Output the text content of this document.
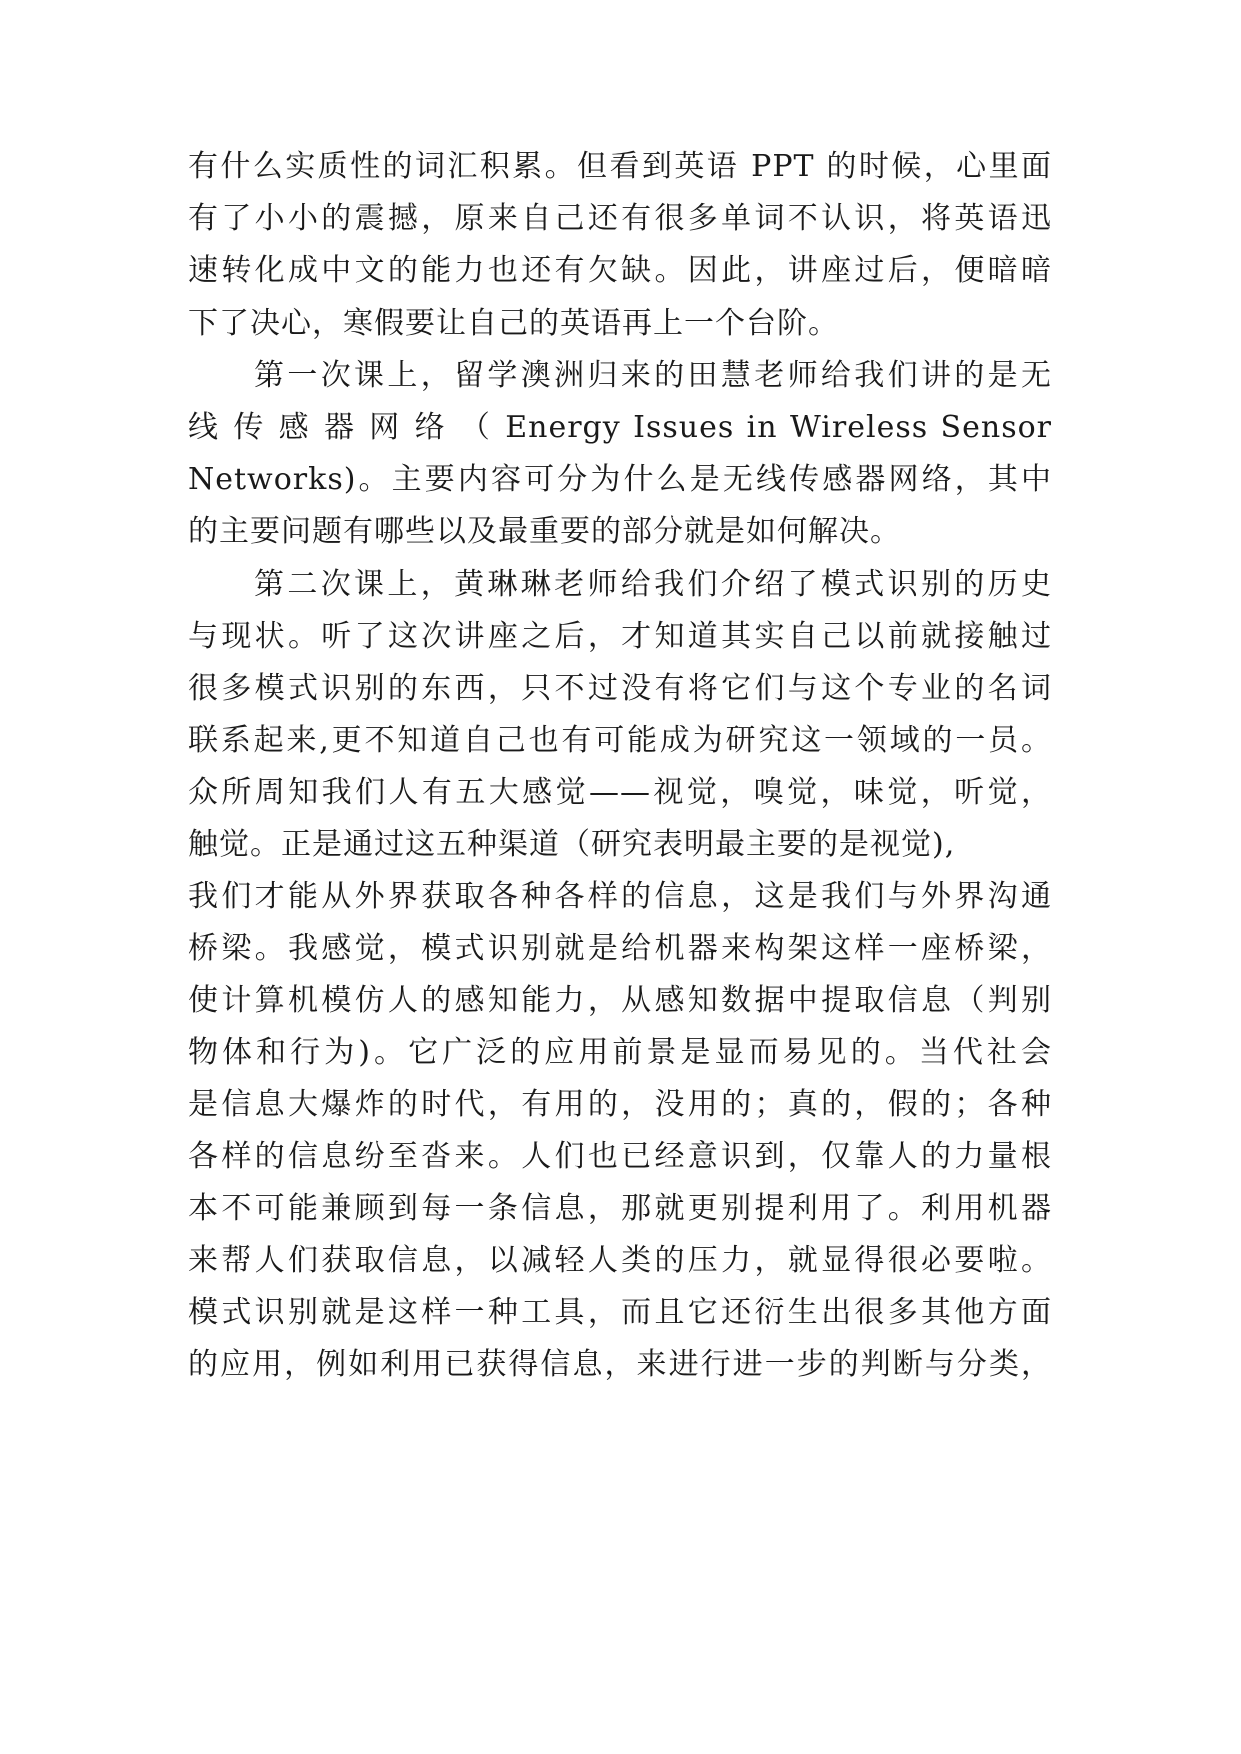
有什么实质性的词汇积累。但看到英语 PPT 的时候，心里面
有了小小的震撼，原来自己还有很多单词不认识，将英语迅
速转化成中文的能力也还有欠缺。因此，讲座过后，便暗暗
下了决心，寒假要让自己的英语再上一个台阶。
第一次课上，留学澳洲归来的田慧老师给我们讲的是无
线 传 感 器 网 络 （ Energy Issues in Wireless Sensor
Networks)。主要内容可分为什么是无线传感器网络，其中
的主要问题有哪些以及最重要的部分就是如何解决。
第二次课上，黄琳琳老师给我们介绍了模式识别的历史
与现状。听了这次讲座之后，才知道其实自己以前就接触过
很多模式识别的东西，只不过没有将它们与这个专业的名词
联系起来,更不知道自己也有可能成为研究这一领域的一员。
众所周知我们人有五大感觉——视觉，嗅觉，味觉，听觉，
触觉。正是通过这五种渠道（研究表明最主要的是视觉),
我们才能从外界获取各种各样的信息，这是我们与外界沟通
桥梁。我感觉，模式识别就是给机器来构架这样一座桥梁，
使计算机模仿人的感知能力，从感知数据中提取信息（判别
物体和行为)。它广泛的应用前景是显而易见的。当代社会
是信息大爆炸的时代，有用的，没用的；真的，假的；各种
各样的信息纷至沓来。人们也已经意识到，仅靠人的力量根
本不可能兼顾到每一条信息，那就更别提利用了。利用机器
来帮人们获取信息，以减轻人类的压力，就显得很必要啦。
模式识别就是这样一种工具，而且它还衍生出很多其他方面
的应用，例如利用已获得信息，来进行进一步的判断与分类，
